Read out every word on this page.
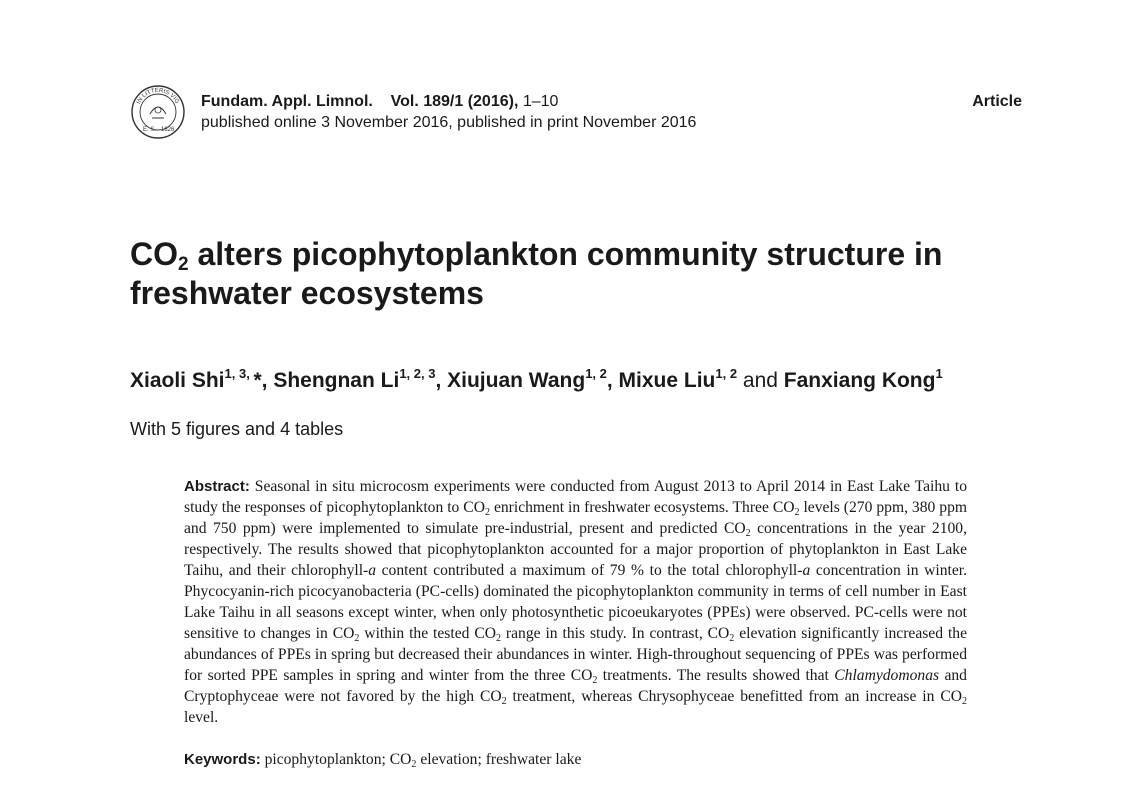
IN LITTERIS VIG
E. S. 1826
Fundam. Appl. Limnol. Vol. 189/1 (2016), 1–10
published online 3 November 2016, published in print November 2016
Article
$CO_2$ alters picophytoplankton community structure in
freshwater ecosystems
Xiaoli Shi$^{1, 3,}$ *, Shengnan Li$^{1, 2, 3}$, Xiujuan Wang$^{1, 2}$, Mixue Liu$^{1, 2}$ and Fanxiang Kong$^1$
With 5 figures and 4 tables

Abstract: Seasonal in situ microcosm experiments were conducted from August 2013 to April 2014 in East Lake Taihu to study the responses of picophytoplankton to $CO_2$ enrichment in freshwater ecosystems. Three $CO_2$ levels (270 ppm, 380 ppm and 750 ppm) were implemented to simulate pre-industrial, present and predicted $CO_2$ concentrations in the year 2100, respectively. The results showed that picophytoplankton accounted for a major proportion of phytoplankton in East Lake Taihu, and their chlorophyll-a content contributed a maximum of 79 % to the total chlorophyll-a concentration in winter. Phycocyanin-rich picocyanobacteria (PC-cells) dominated the picophytoplankton community in terms of cell number in East Lake Taihu in all seasons except winter, when only photosynthetic picoeukaryotes (PPEs) were observed. PC-cells were not sensitive to changes in $CO_2$ within the tested $CO_2$ range in this study. In contrast, $CO_2$ elevation significantly increased the abundances of PPEs in spring but decreased their abundances in winter. High-throughout sequencing of PPEs was performed for sorted PPE samples in spring and winter from the three $CO_2$ treatments. The results showed that Chlamydomonas and Cryptophyceae were not favored by the high $CO_2$ treatment, whereas Chrysophyceae benefitted from an increase in $CO_2$ level.

Keywords: picophytoplankton; $CO_2$ elevation; freshwater lake
